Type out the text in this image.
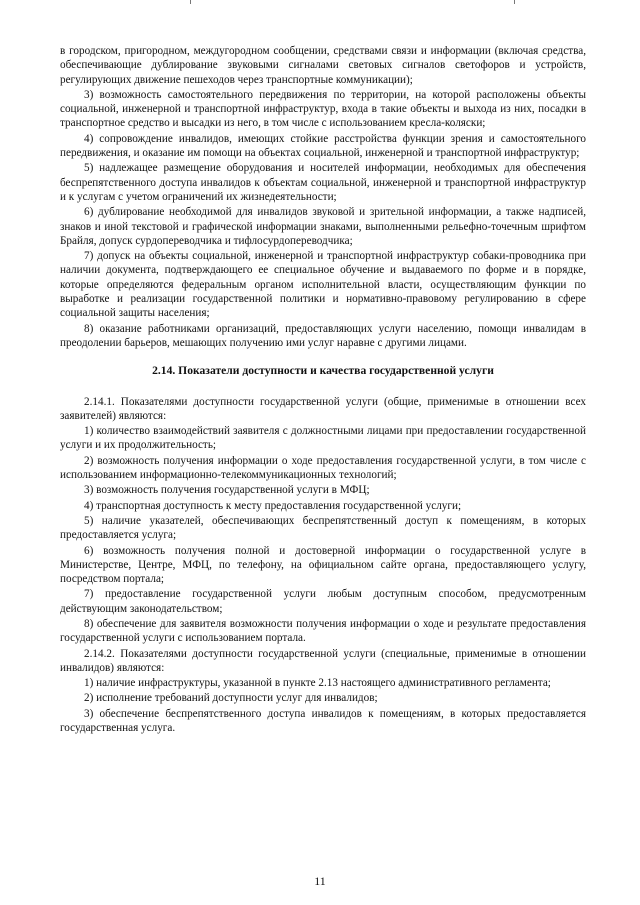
в городском, пригородном, междугородном сообщении, средствами связи и информации (включая средства, обеспечивающие дублирование звуковыми сигналами световых сигналов светофоров и устройств, регулирующих движение пешеходов через транспортные коммуникации);

3) возможность самостоятельного передвижения по территории, на которой расположены объекты социальной, инженерной и транспортной инфраструктур, входа в такие объекты и выхода из них, посадки в транспортное средство и высадки из него, в том числе с использованием кресла-коляски;

4) сопровождение инвалидов, имеющих стойкие расстройства функции зрения и самостоятельного передвижения, и оказание им помощи на объектах социальной, инженерной и транспортной инфраструктур;

5) надлежащее размещение оборудования и носителей информации, необходимых для обеспечения беспрепятственного доступа инвалидов к объектам социальной, инженерной и транспортной инфраструктур и к услугам с учетом ограничений их жизнедеятельности;

6) дублирование необходимой для инвалидов звуковой и зрительной информации, а также надписей, знаков и иной текстовой и графической информации знаками, выполненными рельефно-точечным шрифтом Брайля, допуск сурдопереводчика и тифлосурдопереводчика;

7) допуск на объекты социальной, инженерной и транспортной инфраструктур собаки-проводника при наличии документа, подтверждающего ее специальное обучение и выдаваемого по форме и в порядке, которые определяются федеральным органом исполнительной власти, осуществляющим функции по выработке и реализации государственной политики и нормативно-правовому регулированию в сфере социальной защиты населения;

8) оказание работниками организаций, предоставляющих услуги населению, помощи инвалидам в преодолении барьеров, мешающих получению ими услуг наравне с другими лицами.

2.14. Показатели доступности и качества государственной услуги

2.14.1. Показателями доступности государственной услуги (общие, применимые в отношении всех заявителей) являются:

1) количество взаимодействий заявителя с должностными лицами при предоставлении государственной услуги и их продолжительность;

2) возможность получения информации о ходе предоставления государственной услуги, в том числе с использованием информационно-телекоммуникационных технологий;

3) возможность получения государственной услуги в МФЦ;

4) транспортная доступность к месту предоставления государственной услуги;

5) наличие указателей, обеспечивающих беспрепятственный доступ к помещениям, в которых предоставляется услуга;

6) возможность получения полной и достоверной информации о государственной услуге в Министерстве, Центре, МФЦ, по телефону, на официальном сайте органа, предоставляющего услугу, посредством портала;

7) предоставление государственной услуги любым доступным способом, предусмотренным действующим законодательством;

8) обеспечение для заявителя возможности получения информации о ходе и результате предоставления государственной услуги с использованием портала.

2.14.2. Показателями доступности государственной услуги (специальные, применимые в отношении инвалидов) являются:

1) наличие инфраструктуры, указанной в пункте 2.13 настоящего административного регламента;

2) исполнение требований доступности услуг для инвалидов;

3) обеспечение беспрепятственного доступа инвалидов к помещениям, в которых предоставляется государственная услуга.

11
